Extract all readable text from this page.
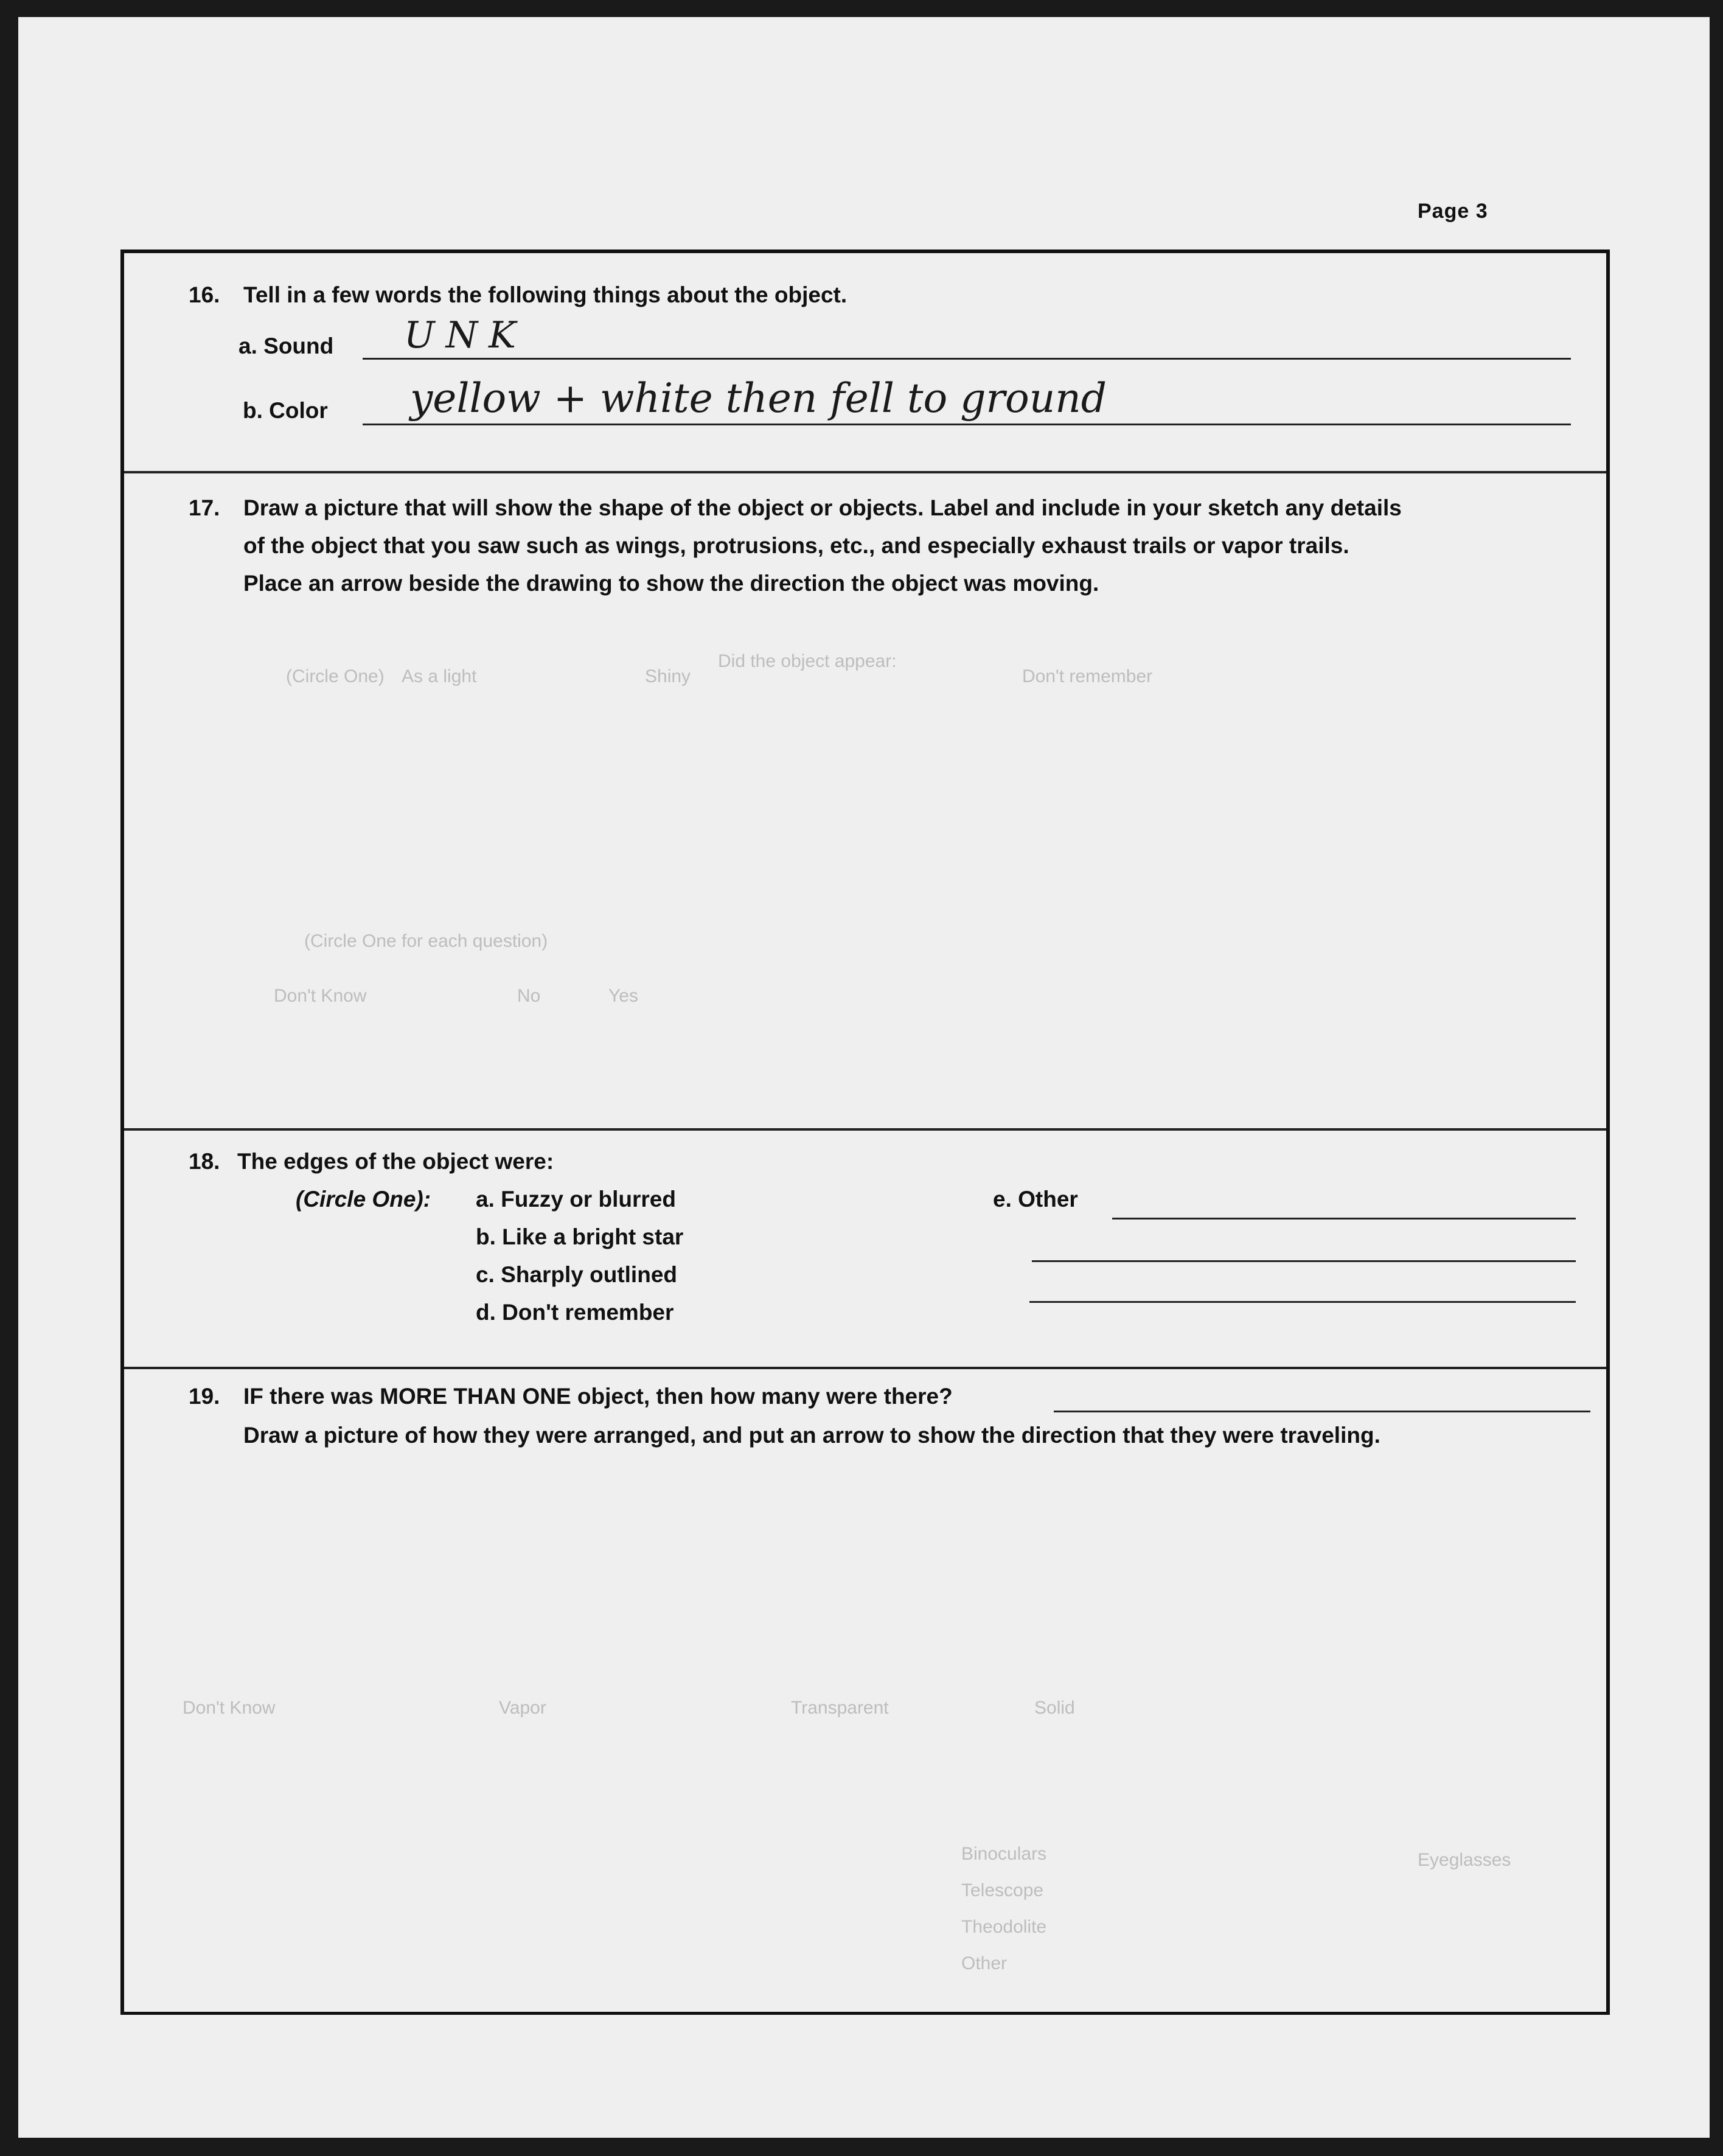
Did the object appear:
(Circle One) As a light	Shiny	Don't remember
Yes
No
Don't Know
(Circle One for each question)
Solid
Transparent
Vapor
Don't Know
Eyeglasses
Binoculars
Telescope
Theodolite
Other
Page 3
16. Tell in a few words the following things about the object.
a. Sound UNK
b. Color yellow + white then fell to ground
17. Draw a picture that will show the shape of the object or objects. Label and include in your sketch any details
of the object that you saw such as wings, protrusions, etc., and especially exhaust trails or vapor trails.
Place an arrow beside the drawing to show the direction the object was moving.
18. The edges of the object were:
(Circle One): a. Fuzzy or blurred
b. Like a bright star
c. Sharply outlined
d. Don't remember
e. Other
19. IF there was MORE THAN ONE object, then how many were there?
Draw a picture of how they were arranged, and put an arrow to show the direction that they were traveling.
